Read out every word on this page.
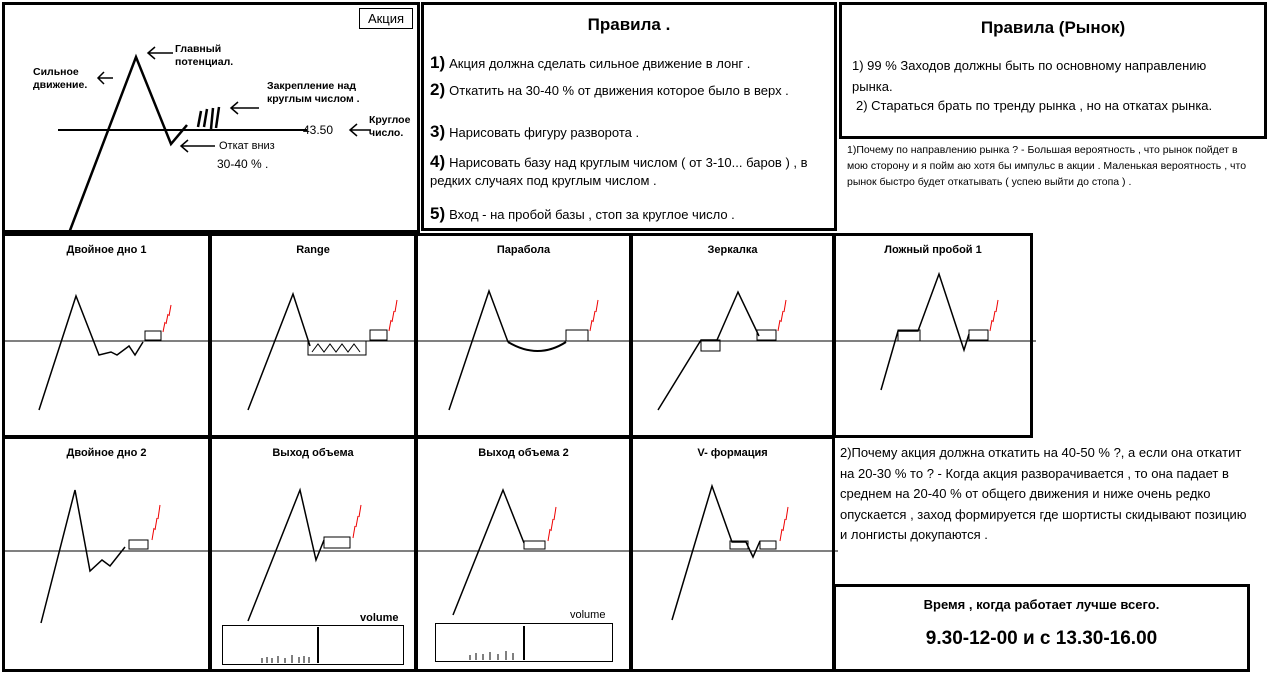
Акция
Сильное движение.
Главный потенциал.
Закрепление над круглым числом .
43.50
Круглое число.
Откат вниз
30-40 % .
Правила .
1) Акция должна сделать сильное движение в лонг .
2) Откатить на 30-40 % от движения которое было в верх .
3) Нарисовать фигуру разворота .
4) Нарисовать базу над круглым числом ( от 3-10... баров ) , в редких случаях под круглым числом .
5) Вход - на пробой базы , стоп за круглое число .
Правила (Рынок)
1) 99 % Заходов должны быть по основному направлению рынка.
2) Стараться брать по тренду рынка , но на откатах рынка.
1)Почему по направлению рынка ? - Большая вероятность , что рынок пойдет в мою сторону и я пойм аю хотя бы импульс в акции . Маленькая вероятность , что рынок быстро будет откатывать ( успею выйти до стопа ) .
Двойное дно 1	Range	Парабола	Зеркалка	Ложный пробой 1
Двойное дно 2	Выход объема
volume
Выход объема 2
volume
V- формация	2)Почему акция должна откатить на 40-50 % ?, а если она откатит на 20-30 % то ? - Когда акция разворачивается , то она падает в среднем на 20-40 % от общего движения и ниже очень редко опускается , заход формируется где шортисты скидывают позицию и лонгисты докупаются .
Время , когда работает лучше всего.
9.30-12-00 и с 13.30-16.00
